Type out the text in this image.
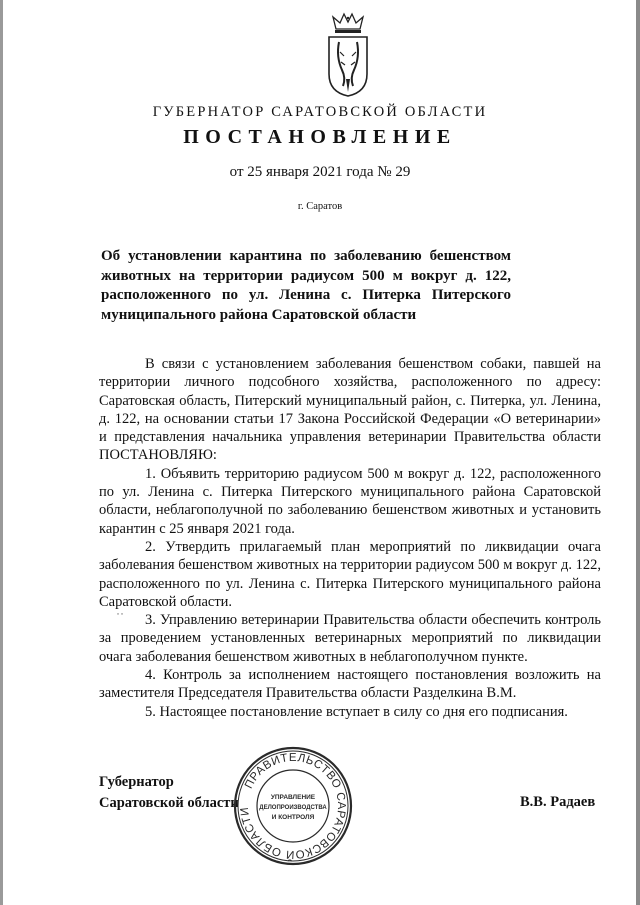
ГУБЕРНАТОР САРАТОВСКОЙ ОБЛАСТИ
ПОСТАНОВЛЕНИЕ
от 25 января 2021 года № 29
г. Саратов
Об установлении карантина по заболеванию бешенством животных на территории радиусом 500 м вокруг д. 122, расположенного по ул. Ленина с. Питерка Питерского муниципального района Саратовской области

В связи с установлением заболевания бешенством собаки, павшей на территории личного подсобного хозяйства, расположенного по адресу: Саратовская область, Питерский муниципальный район, с. Питерка, ул. Ленина, д. 122, на основании статьи 17 Закона Российской Федерации «О ветеринарии» и представления начальника управления ветеринарии Правительства области ПОСТАНОВЛЯЮ:

1. Объявить территорию радиусом 500 м вокруг д. 122, расположенного по ул. Ленина с. Питерка Питерского муниципального района Саратовской области, неблагополучной по заболеванию бешенством животных и установить карантин с 25 января 2021 года.

2. Утвердить прилагаемый план мероприятий по ликвидации очага заболевания бешенством животных на территории радиусом 500 м вокруг д. 122, расположенного по ул. Ленина с. Питерка Питерского муниципального района Саратовской области.

3. Управлению ветеринарии Правительства области обеспечить контроль за проведением установленных ветеринарных мероприятий по ликвидации очага заболевания бешенством животных в неблагополучном пункте.

4. Контроль за исполнением настоящего постановления возложить на заместителя Председателя Правительства области Разделкина В.М.

5. Настоящее постановление вступает в силу со дня его подписания.

˙˙
Губернатор
Саратовской области
ПРАВИТЕЛЬСТВО САРАТОВСКОЙ ОБЛАСТИ
УПРАВЛЕНИЕ
ДЕЛОПРОИЗВОДСТВА
И КОНТРОЛЯ
В.В. Радаев
